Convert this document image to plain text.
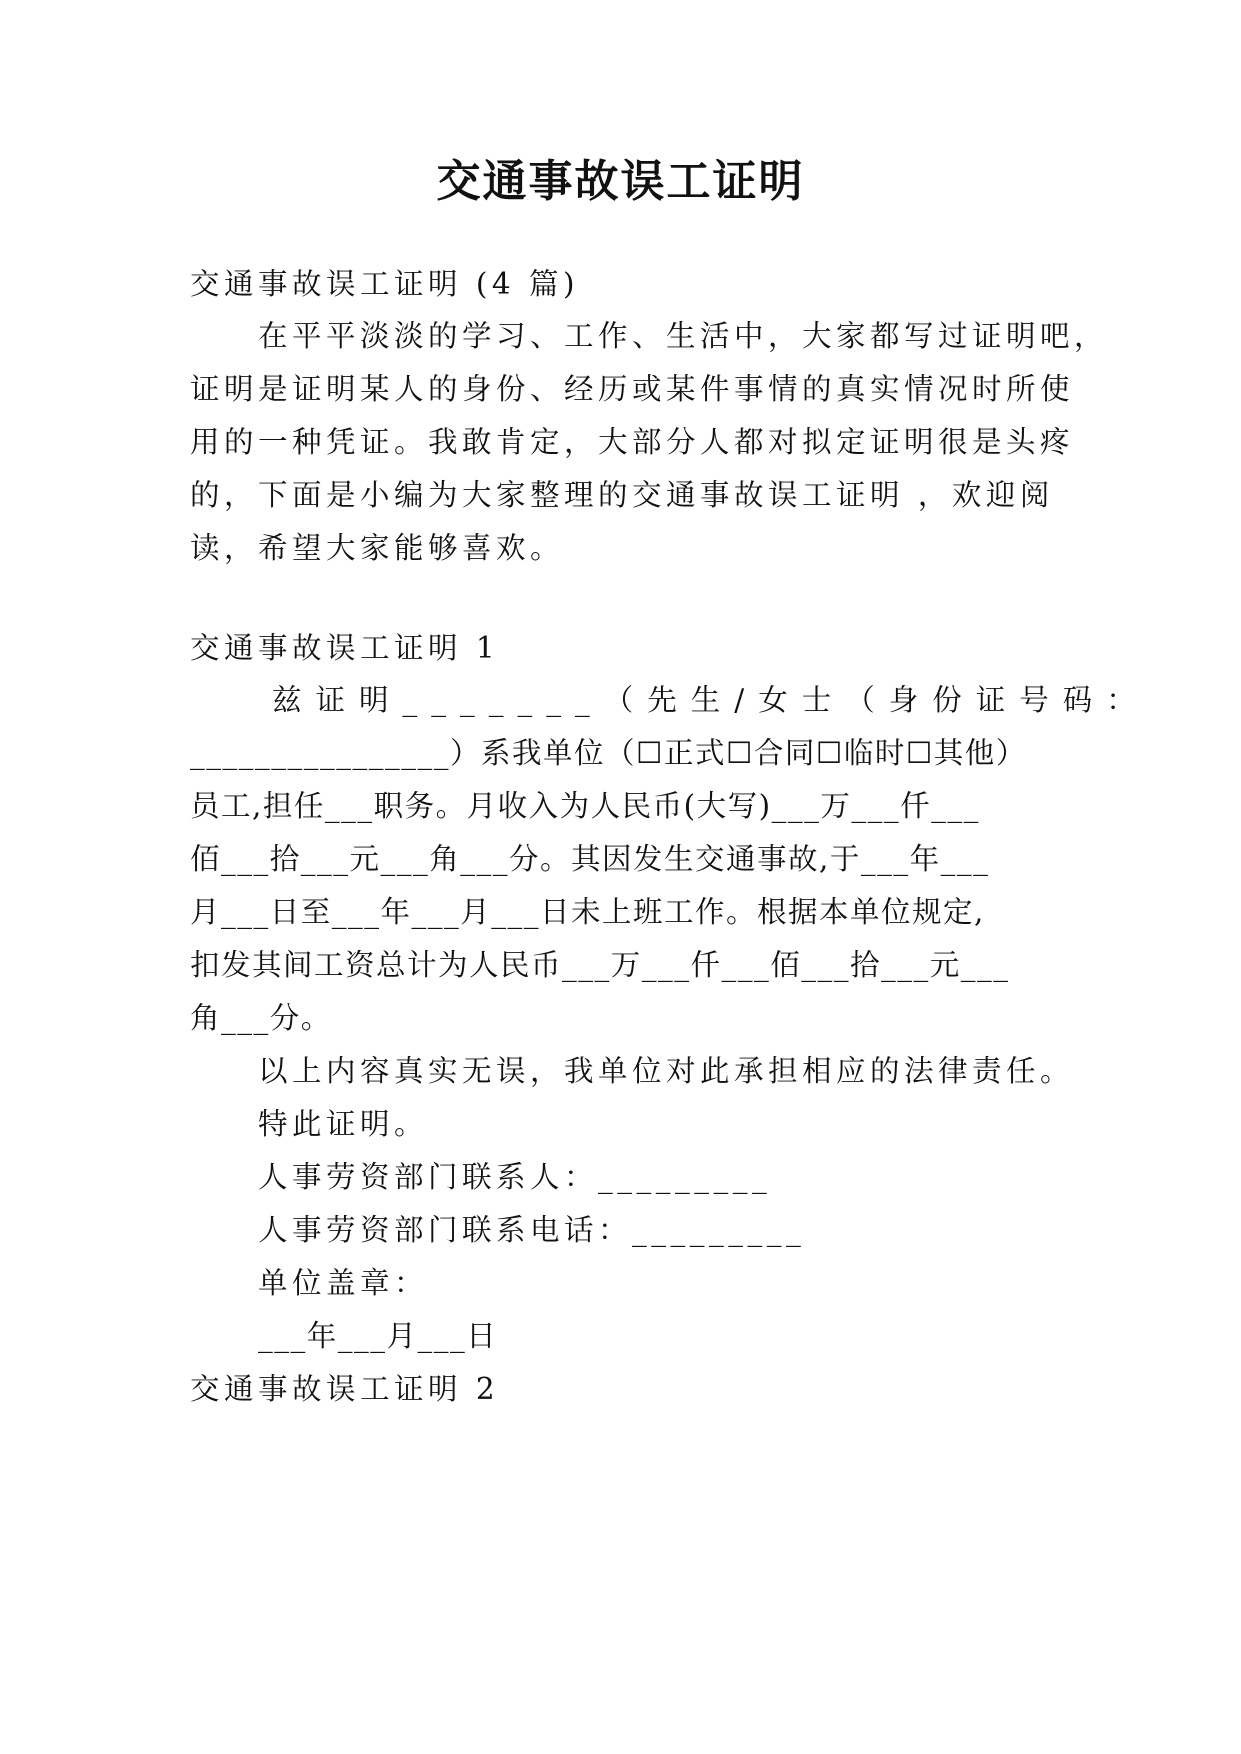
交通事故误工证明
交通事故误工证明 (4 篇)
在平平淡淡的学习、工作、生活中，大家都写过证明吧，
证明是证明某人的身份、经历或某件事情的真实情况时所使
用的一种凭证。我敢肯定，大部分人都对拟定证明很是头疼
的，下面是小编为大家整理的交通事故误工证明 ，欢迎阅
读，希望大家能够喜欢。
交通事故误工证明 1
兹证明_______（先生/女士（身份证号码：
________________）系我单位（☐正式☐合同☐临时☐其他）
员工,担任___职务。月收入为人民币(大写)___万___仟___
佰___拾___元___角___分。其因发生交通事故,于___年___
月___日至___年___月___日未上班工作。根据本单位规定,
扣发其间工资总计为人民币___万___仟___佰___拾___元___
角___分。
以上内容真实无误，我单位对此承担相应的法律责任。
特此证明。
人事劳资部门联系人：_________
人事劳资部门联系电话：_________
单位盖章：
___年___月___日
交通事故误工证明 2
